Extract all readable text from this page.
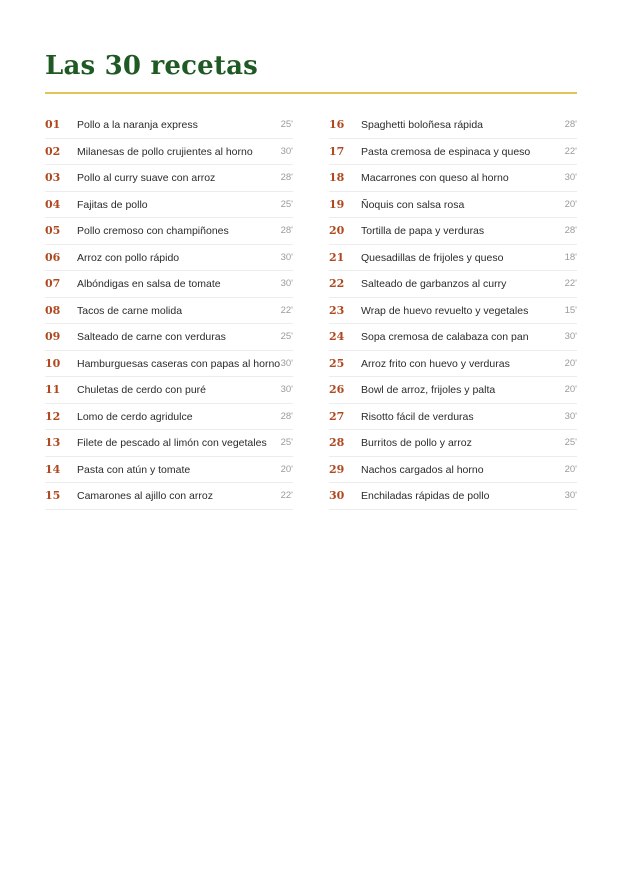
Las 30 recetas
01 Pollo a la naranja express	25'
02 Milanesas de pollo crujientes al horno	30'
03 Pollo al curry suave con arroz	28'
04 Fajitas de pollo	25'
05 Pollo cremoso con champiñones	28'
06 Arroz con pollo rápido	30'
07 Albóndigas en salsa de tomate	30'
08 Tacos de carne molida	22'
09 Salteado de carne con verduras	25'
10 Hamburguesas caseras con papas al horno 30'
11 Chuletas de cerdo con puré	30'
12 Lomo de cerdo agridulce	28'
13 Filete de pescado al limón con vegetales 25'
14 Pasta con atún y tomate	20'
15 Camarones al ajillo con arroz	22'
16 Spaghetti boloñesa rápida	28'
17 Pasta cremosa de espinaca y queso	22'
18 Macarrones con queso al horno	30'
19 Ñoquis con salsa rosa	20'
20 Tortilla de papa y verduras	28'
21 Quesadillas de frijoles y queso	18'
22 Salteado de garbanzos al curry	22'
23 Wrap de huevo revuelto y vegetales	15'
24 Sopa cremosa de calabaza con pan	30'
25 Arroz frito con huevo y verduras	20'
26 Bowl de arroz, frijoles y palta	20'
27 Risotto fácil de verduras	30'
28 Burritos de pollo y arroz	25'
29 Nachos cargados al horno	20'
30 Enchiladas rápidas de pollo	30'
